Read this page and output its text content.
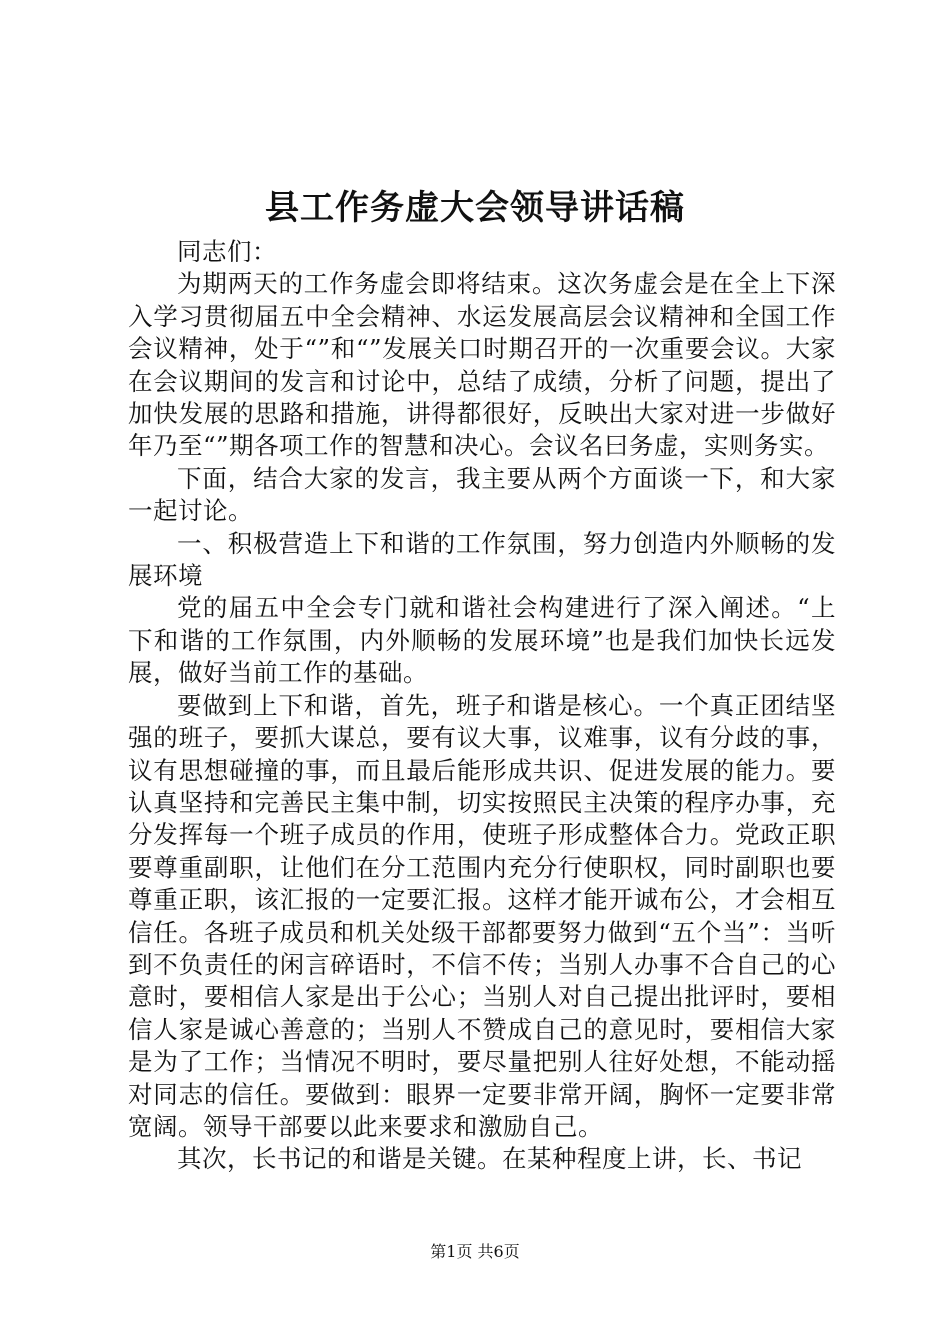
县工作务虚大会领导讲话稿

同志们：

为期两天的工作务虚会即将结束。这次务虚会是在全上下深入学习贯彻届五中全会精神、水运发展高层会议精神和全国工作会议精神，处于“”和“”发展关口时期召开的一次重要会议。大家在会议期间的发言和讨论中，总结了成绩，分析了问题，提出了加快发展的思路和措施，讲得都很好，反映出大家对进一步做好年乃至“”期各项工作的智慧和决心。会议名曰务虚，实则务实。

下面，结合大家的发言，我主要从两个方面谈一下，和大家一起讨论。

一、积极营造上下和谐的工作氛围，努力创造内外顺畅的发展环境

党的届五中全会专门就和谐社会构建进行了深入阐述。“上下和谐的工作氛围，内外顺畅的发展环境”也是我们加快长远发展，做好当前工作的基础。

要做到上下和谐，首先，班子和谐是核心。一个真正团结坚强的班子，要抓大谋总，要有议大事，议难事，议有分歧的事，议有思想碰撞的事，而且最后能形成共识、促进发展的能力。要认真坚持和完善民主集中制，切实按照民主决策的程序办事，充分发挥每一个班子成员的作用，使班子形成整体合力。党政正职要尊重副职，让他们在分工范围内充分行使职权，同时副职也要尊重正职，该汇报的一定要汇报。这样才能开诚布公，才会相互信任。各班子成员和机关处级干部都要努力做到“五个当”：当听到不负责任的闲言碎语时，不信不传；当别人办事不合自己的心意时，要相信人家是出于公心；当别人对自己提出批评时，要相信人家是诚心善意的；当别人不赞成自己的意见时，要相信大家是为了工作；当情况不明时，要尽量把别人往好处想，不能动摇对同志的信任。要做到：眼界一定要非常开阔，胸怀一定要非常宽阔。领导干部要以此来要求和激励自己。

其次，长书记的和谐是关键。在某种程度上讲，长、书记

第1页 共6页
